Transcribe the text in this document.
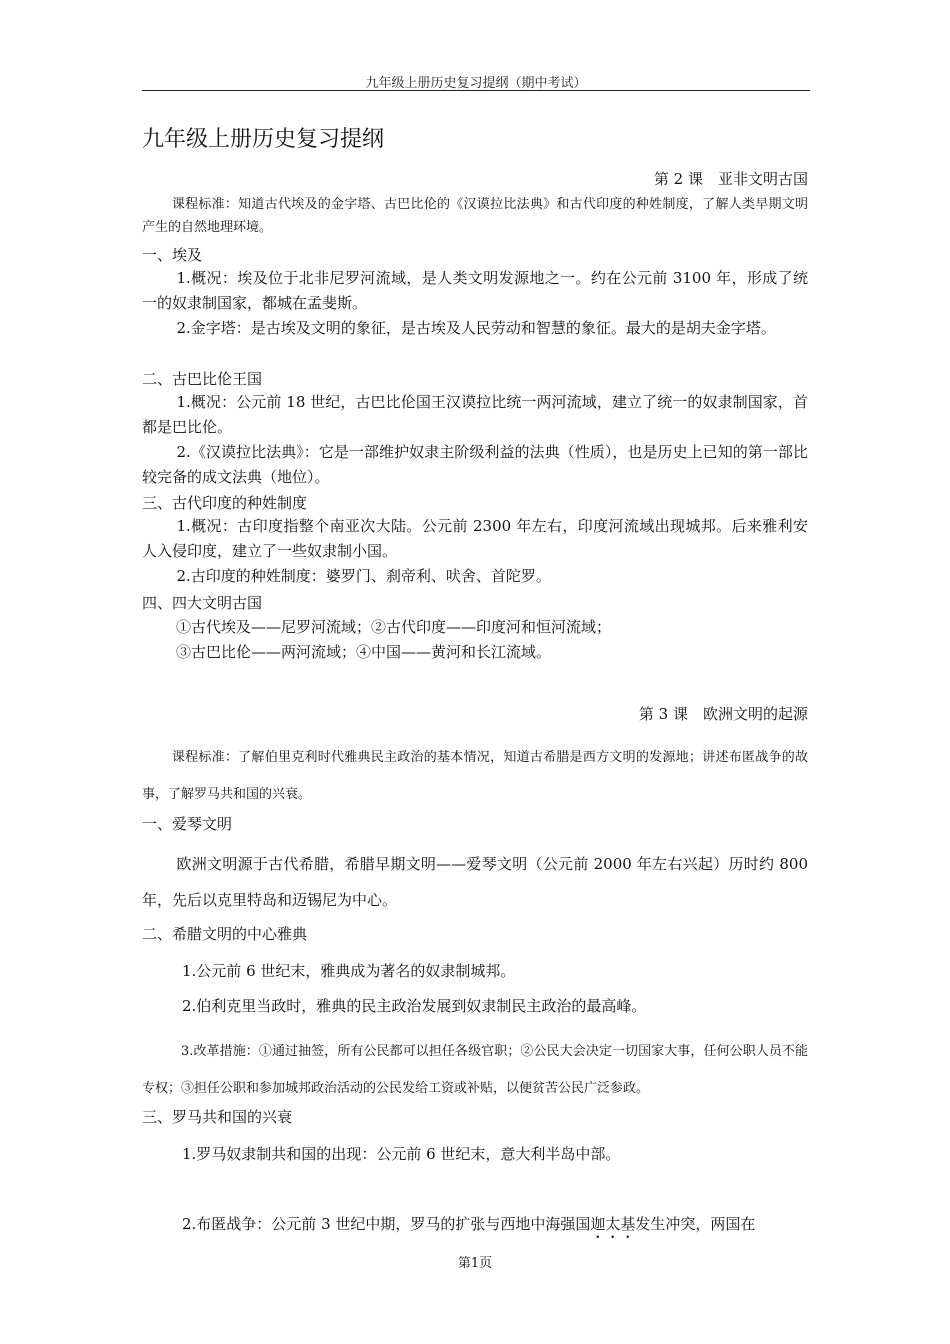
九年级上册历史复习提纲（期中考试）
九年级上册历史复习提纲
第 2 课　亚非文明古国
课程标准：知道古代埃及的金字塔、古巴比伦的《汉谟拉比法典》和古代印度的种姓制度，了解人类早期文明产生的自然地理环境。
一、埃及
1.概况：埃及位于北非尼罗河流域，是人类文明发源地之一。约在公元前 3100 年，形成了统一的奴隶制国家，都城在孟斐斯。
2.金字塔：是古埃及文明的象征，是古埃及人民劳动和智慧的象征。最大的是胡夫金字塔。
二、古巴比伦王国
1.概况：公元前 18 世纪，古巴比伦国王汉谟拉比统一两河流域，建立了统一的奴隶制国家，首都是巴比伦。
2.《汉谟拉比法典》：它是一部维护奴隶主阶级利益的法典（性质），也是历史上已知的第一部比较完备的成文法典（地位）。
三、古代印度的种姓制度
1.概况：古印度指整个南亚次大陆。公元前 2300 年左右，印度河流域出现城邦。后来雅利安人入侵印度，建立了一些奴隶制小国。
2.古印度的种姓制度：婆罗门、刹帝利、吠舍、首陀罗。
四、四大文明古国
①古代埃及——尼罗河流域；②古代印度——印度河和恒河流域；
③古巴比伦——两河流域；④中国——黄河和长江流域。
第 3 课　欧洲文明的起源
课程标准：了解伯里克利时代雅典民主政治的基本情况，知道古希腊是西方文明的发源地；讲述布匿战争的故事，了解罗马共和国的兴衰。
一、爱琴文明
欧洲文明源于古代希腊，希腊早期文明——爱琴文明（公元前 2000 年左右兴起）历时约 800 年，先后以克里特岛和迈锡尼为中心。
二、希腊文明的中心雅典
1.公元前 6 世纪末，雅典成为著名的奴隶制城邦。
2.伯利克里当政时，雅典的民主政治发展到奴隶制民主政治的最高峰。
3.改革措施：①通过抽签，所有公民都可以担任各级官职；②公民大会决定一切国家大事，任何公职人员不能专权；③担任公职和参加城邦政治活动的公民发给工资或补贴，以便贫苦公民广泛参政。
三、罗马共和国的兴衰
1.罗马奴隶制共和国的出现：公元前 6 世纪末，意大利半岛中部。
2.布匿战争：公元前 3 世纪中期，罗马的扩张与西地中海强国迦太基发生冲突，两国在
第1页
